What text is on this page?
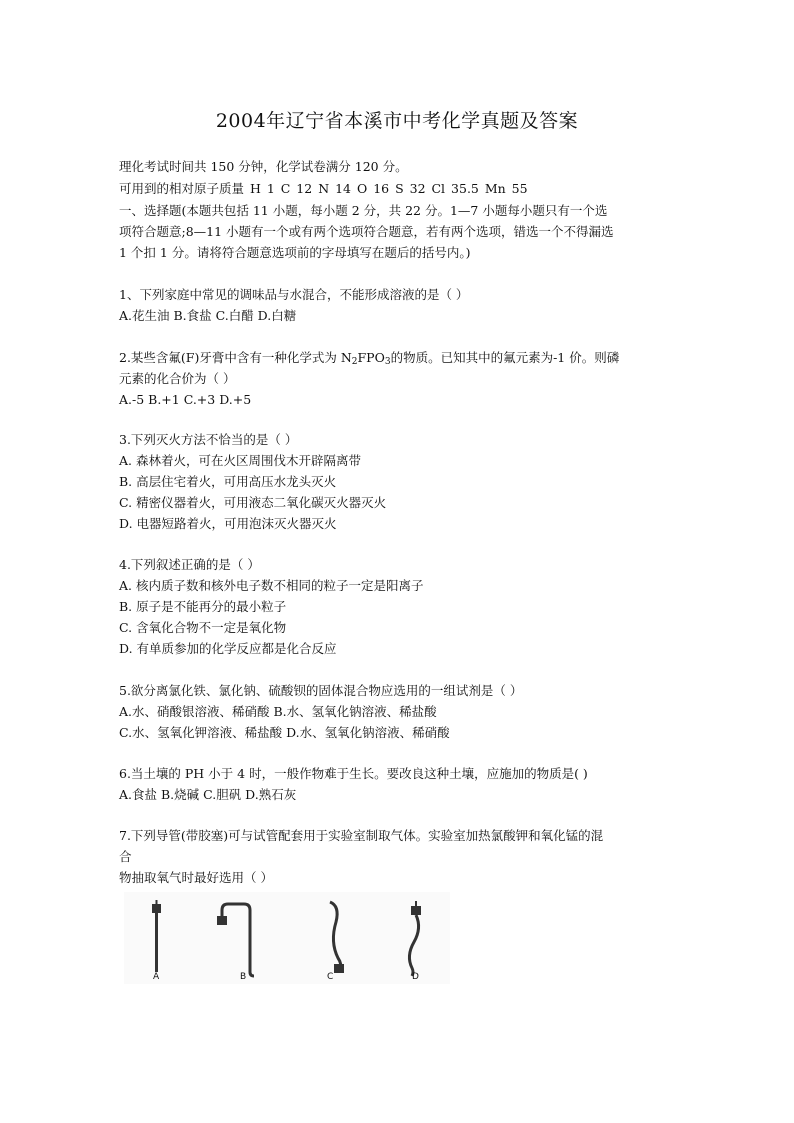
2004年辽宁省本溪市中考化学真题及答案
理化考试时间共 150 分钟，化学试卷满分 120 分。
可用到的相对原子质量 H 1 C 12 N 14 O 16 S 32 Cl 35.5 Mn 55
一、选择题(本题共包括 11 小题，每小题 2 分，共 22 分。1—7 小题每小题只有一个选
项符合题意;8—11 小题有一个或有两个选项符合题意，若有两个选项，错选一个不得漏选
1 个扣 1 分。请将符合题意选项前的字母填写在题后的括号内。)
1、下列家庭中常见的调味品与水混合，不能形成溶液的是（ ）
A.花生油 B.食盐 C.白醋 D.白糖
2.某些含氟(F)牙膏中含有一种化学式为 $N_2FPO_3$的物质。已知其中的氟元素为-1 价。则磷
元素的化合价为（ ）
A.-5 B.+1 C.+3 D.+5
3.下列灭火方法不恰当的是（ ）
A. 森林着火，可在火区周围伐木开辟隔离带
B. 高层住宅着火，可用高压水龙头灭火
C. 精密仪器着火，可用液态二氧化碳灭火器灭火
D. 电器短路着火，可用泡沫灭火器灭火
4.下列叙述正确的是（ ）
A. 核内质子数和核外电子数不相同的粒子一定是阳离子
B. 原子是不能再分的最小粒子
C. 含氧化合物不一定是氧化物
D. 有单质参加的化学反应都是化合反应
5.欲分离氯化铁、氯化钠、硫酸钡的固体混合物应选用的一组试剂是（ ）
A.水、硝酸银溶液、稀硝酸 B.水、氢氧化钠溶液、稀盐酸
C.水、氢氧化钾溶液、稀盐酸 D.水、氢氧化钠溶液、稀硝酸
6.当土壤的 PH 小于 4 时，一般作物难于生长。要改良这种土壤，应施加的物质是( )
A.食盐 B.烧碱 C.胆矾 D.熟石灰
7.下列导管(带胶塞)可与试管配套用于实验室制取气体。实验室加热氯酸钾和氧化锰的混
合
物抽取氧气时最好选用（ ）
A	B	C	D
